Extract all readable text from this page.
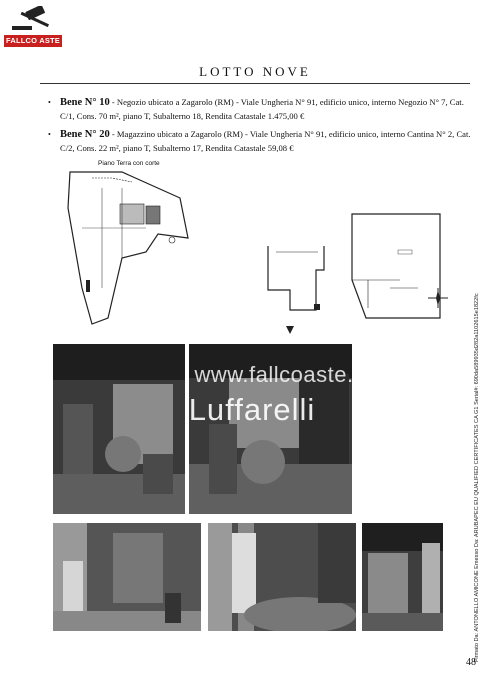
FALLCO ASTE
LOTTO NOVE
• Bene N° 10 - Negozio ubicato a Zagarolo (RM) - Viale Ungheria N° 91, edificio unico, interno Negozio N° 7, Cat. C/1, Cons. 70 m², piano T, Subalterno 18, Rendita Catastale 1.475,00 €
• Bene N° 20 - Magazzino ubicato a Zagarolo (RM) - Viale Ungheria N° 91, edificio unico, interno Cantina N° 2, Cat. C/2, Cons. 22 m², piano T, Subalterno 17, Rendita Catastale 59,08 €
Piano Terra con corte
www.fallcoaste.it
Luffarelli	Firmato Da: ANTONELLO AMICONE Emesso Da: ARUBAPEC EU QUALIFIED CERTIFICATES CA G1 Serial#: 690da589935d282a1102615e1822fc
48
